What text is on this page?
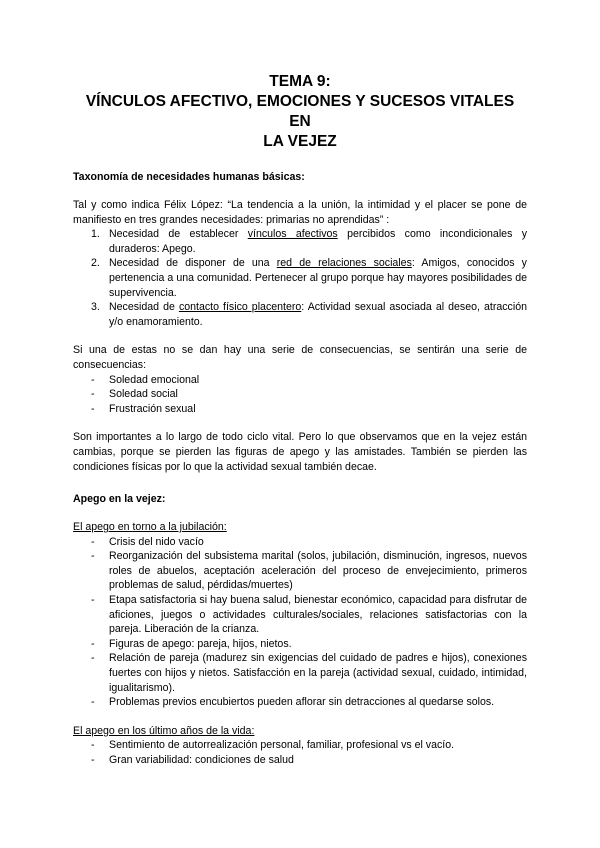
TEMA 9:
VÍNCULOS AFECTIVO, EMOCIONES Y SUCESOS VITALES EN
LA VEJEZ
Taxonomía de necesidades humanas básicas:
Tal y como indica Félix López: “La tendencia a la unión, la intimidad y el placer se pone de manifiesto en tres grandes necesidades: primarias no aprendidas” :
1. Necesidad de establecer vínculos afectivos percibidos como incondicionales y duraderos: Apego.
2. Necesidad de disponer de una red de relaciones sociales: Amigos, conocidos y pertenencia a una comunidad. Pertenecer al grupo porque hay mayores posibilidades de supervivencia.
3. Necesidad de contacto físico placentero: Actividad sexual asociada al deseo, atracción y/o enamoramiento.
Si una de estas no se dan hay una serie de consecuencias, se sentirán una serie de consecuencias:
- Soledad emocional
- Soledad social
- Frustración sexual
Son importantes a lo largo de todo ciclo vital. Pero lo que observamos que en la vejez están cambias, porque se pierden las figuras de apego y las amistades. También se pierden las condiciones físicas por lo que la actividad sexual también decae.
Apego en la vejez:
El apego en torno a la jubilación:
- Crisis del nido vacío
- Reorganización del subsistema marital (solos, jubilación, disminución, ingresos, nuevos roles de abuelos, aceptación aceleración del proceso de envejecimiento, primeros problemas de salud, pérdidas/muertes)
- Etapa satisfactoria si hay buena salud, bienestar económico, capacidad para disfrutar de aficiones, juegos o actividades culturales/sociales, relaciones satisfactorias con la pareja. Liberación de la crianza.
- Figuras de apego: pareja, hijos, nietos.
- Relación de pareja (madurez sin exigencias del cuidado de padres e hijos), conexiones fuertes con hijos y nietos. Satisfacción en la pareja (actividad sexual, cuidado, intimidad, igualitarismo).
- Problemas previos encubiertos pueden aflorar sin detracciones al quedarse solos.
El apego en los último años de la vida:
- Sentimiento de autorrealización personal, familiar, profesional vs el vacío.
- Gran variabilidad: condiciones de salud
